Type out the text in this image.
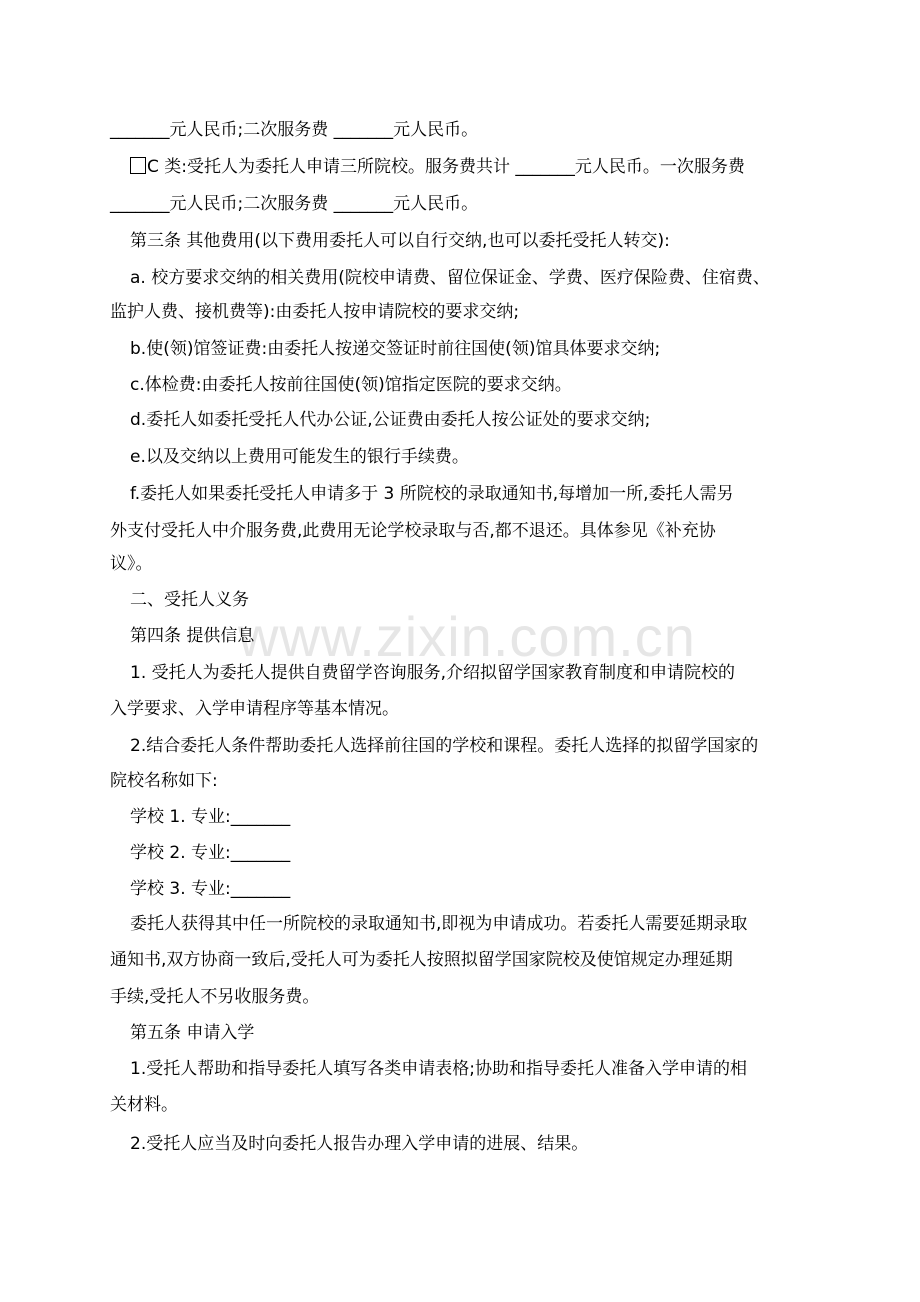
www.zixin.com.cn
_______元人民币;二次服务费 _______元人民币。
C 类:受托人为委托人申请三所院校。服务费共计 _______元人民币。一次服务费
_______元人民币;二次服务费 _______元人民币。
第三条 其他费用(以下费用委托人可以自行交纳,也可以委托受托人转交):
a. 校方要求交纳的相关费用(院校申请费、留位保证金、学费、医疗保险费、住宿费、
监护人费、接机费等):由委托人按申请院校的要求交纳;
b.使(领)馆签证费:由委托人按递交签证时前往国使(领)馆具体要求交纳;
c.体检费:由委托人按前往国使(领)馆指定医院的要求交纳。
d.委托人如委托受托人代办公证,公证费由委托人按公证处的要求交纳;
e.以及交纳以上费用可能发生的银行手续费。
f.委托人如果委托受托人申请多于 3 所院校的录取通知书,每增加一所,委托人需另
外支付受托人中介服务费,此费用无论学校录取与否,都不退还。具体参见《补充协
议》。
二、受托人义务
第四条 提供信息
1. 受托人为委托人提供自费留学咨询服务,介绍拟留学国家教育制度和申请院校的
入学要求、入学申请程序等基本情况。
2.结合委托人条件帮助委托人选择前往国的学校和课程。委托人选择的拟留学国家的
院校名称如下:
学校 1. 专业:_______
学校 2. 专业:_______
学校 3. 专业:_______
委托人获得其中任一所院校的录取通知书,即视为申请成功。若委托人需要延期录取
通知书,双方协商一致后,受托人可为委托人按照拟留学国家院校及使馆规定办理延期
手续,受托人不另收服务费。
第五条 申请入学
1.受托人帮助和指导委托人填写各类申请表格;协助和指导委托人准备入学申请的相
关材料。
2.受托人应当及时向委托人报告办理入学申请的进展、结果。
